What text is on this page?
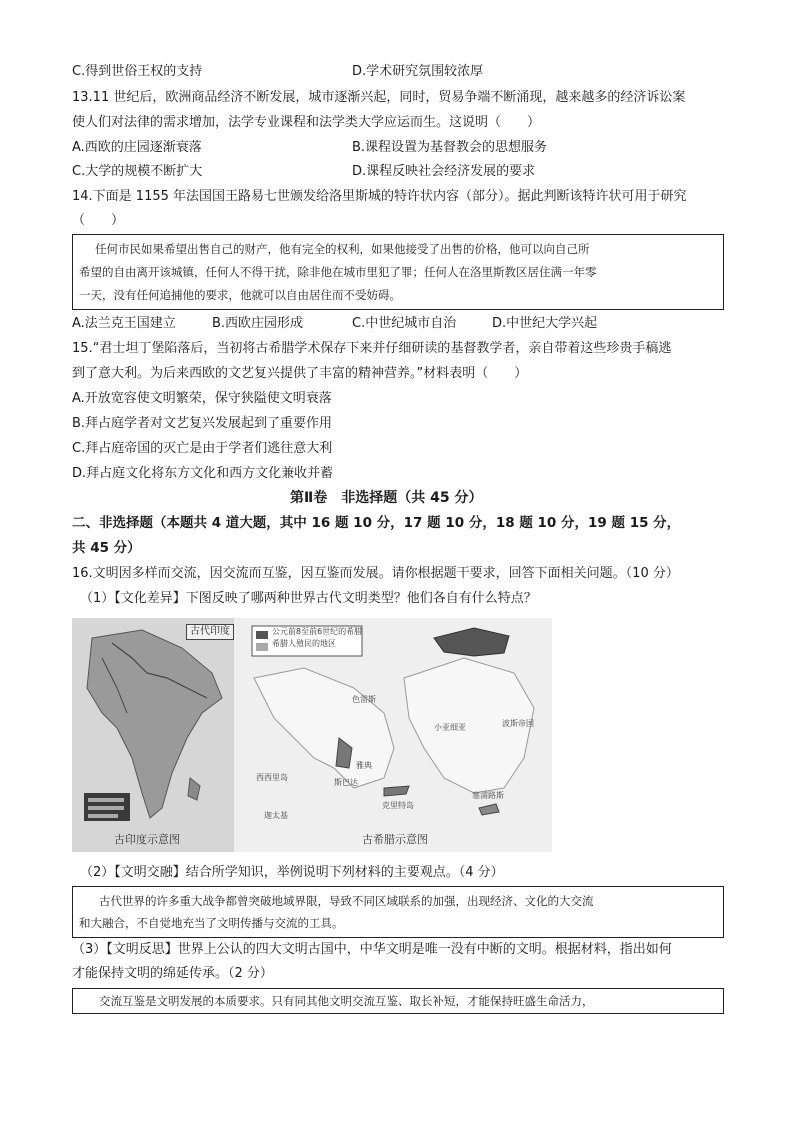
C.得到世俗王权的支持	D.学术研究氛围较浓厚
13.11 世纪后，欧洲商品经济不断发展，城市逐渐兴起，同时，贸易争端不断涌现，越来越多的经济诉讼案
使人们对法律的需求增加，法学专业课程和法学类大学应运而生。这说明（　　）
A.西欧的庄园逐渐衰落	B.课程设置为基督教会的思想服务
C.大学的规模不断扩大	D.课程反映社会经济发展的要求
14.下面是 1155 年法国国王路易七世颁发给洛里斯城的特许状内容（部分）。据此判断该特许状可用于研究
（　　）
任何市民如果希望出售自己的财产，他有完全的权利，如果他接受了出售的价格，他可以向自己所
希望的自由离开该城镇，任何人不得干扰，除非他在城市里犯了罪；任何人在洛里斯教区居住满一年零
一天，没有任何追捕他的要求，他就可以自由居住而不受妨碍。
A.法兰克王国建立	B.西欧庄园形成	C.中世纪城市自治	D.中世纪大学兴起
15.“君士坦丁堡陷落后，当初将古希腊学术保存下来并仔细研读的基督教学者，亲自带着这些珍贵手稿逃
到了意大利。为后来西欧的文艺复兴提供了丰富的精神营养。”材料表明（　　）
A.开放宽容使文明繁荣，保守狭隘使文明衰落
B.拜占庭学者对文艺复兴发展起到了重要作用
C.拜占庭帝国的灭亡是由于学者们逃往意大利
D.拜占庭文化将东方文化和西方文化兼收并蓄
第Ⅱ卷　非选择题（共 45 分）
二、非选择题（本题共 4 道大题，其中 16 题 10 分，17 题 10 分，18 题 10 分，19 题 15 分，
共 45 分）
16.文明因多样而交流，因交流而互鉴，因互鉴而发展。请你根据题干要求，回答下面相关问题。（10 分）
（1）【文化差异】下图反映了哪两种世界古代文明类型？他们各自有什么特点？
古代印度
古印度示意图
公元前8至前6世纪的希腊
希腊人殖民的地区
古希腊示意图
色雷斯
小亚细亚	波斯帝国
斯巴达
克里特岛
塞浦路斯
西西里岛
迦太基
雅典
（2）【文明交融】结合所学知识，举例说明下列材料的主要观点。（4 分）
古代世界的许多重大战争都曾突破地域界限，导致不同区域联系的加强，出现经济、文化的大交流
和大融合，不自觉地充当了文明传播与交流的工具。
（3）【文明反思】世界上公认的四大文明古国中，中华文明是唯一没有中断的文明。根据材料，指出如何
才能保持文明的绵延传承。（2 分）
交流互鉴是文明发展的本质要求。只有同其他文明交流互鉴、取长补短，才能保持旺盛生命活力，
